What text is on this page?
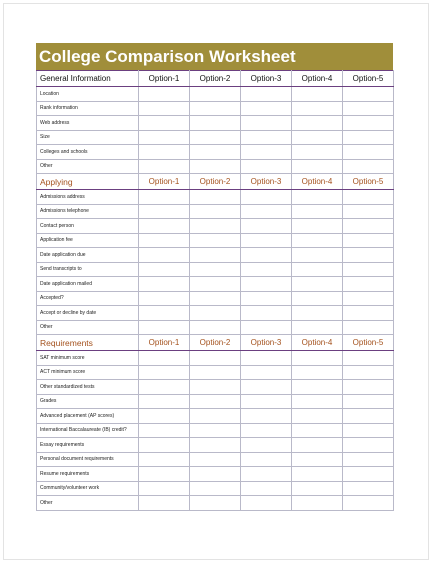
College Comparison Worksheet
General Information	Option-1	Option-2	Option-3	Option-4	Option-5
Location					
Rank information					
Web address					
Size					
Colleges and schools					
Other					
Applying	Option-1	Option-2	Option-3	Option-4	Option-5
Admissions address					
Admissions telephone					
Contact person					
Application fee					
Date application due					
Send transcripts to					
Date application mailed					
Accepted?					
Accept or decline by date					
Other					
Requirements	Option-1	Option-2	Option-3	Option-4	Option-5
SAT minimum score					
ACT minimum score					
Other standardized tests					
Grades					
Advanced placement (AP scores)					
International Baccalaureate (IB) credit?					
Essay requirements					
Personal document requirements					
Resume requirements					
Community/volunteer work					
Other					
